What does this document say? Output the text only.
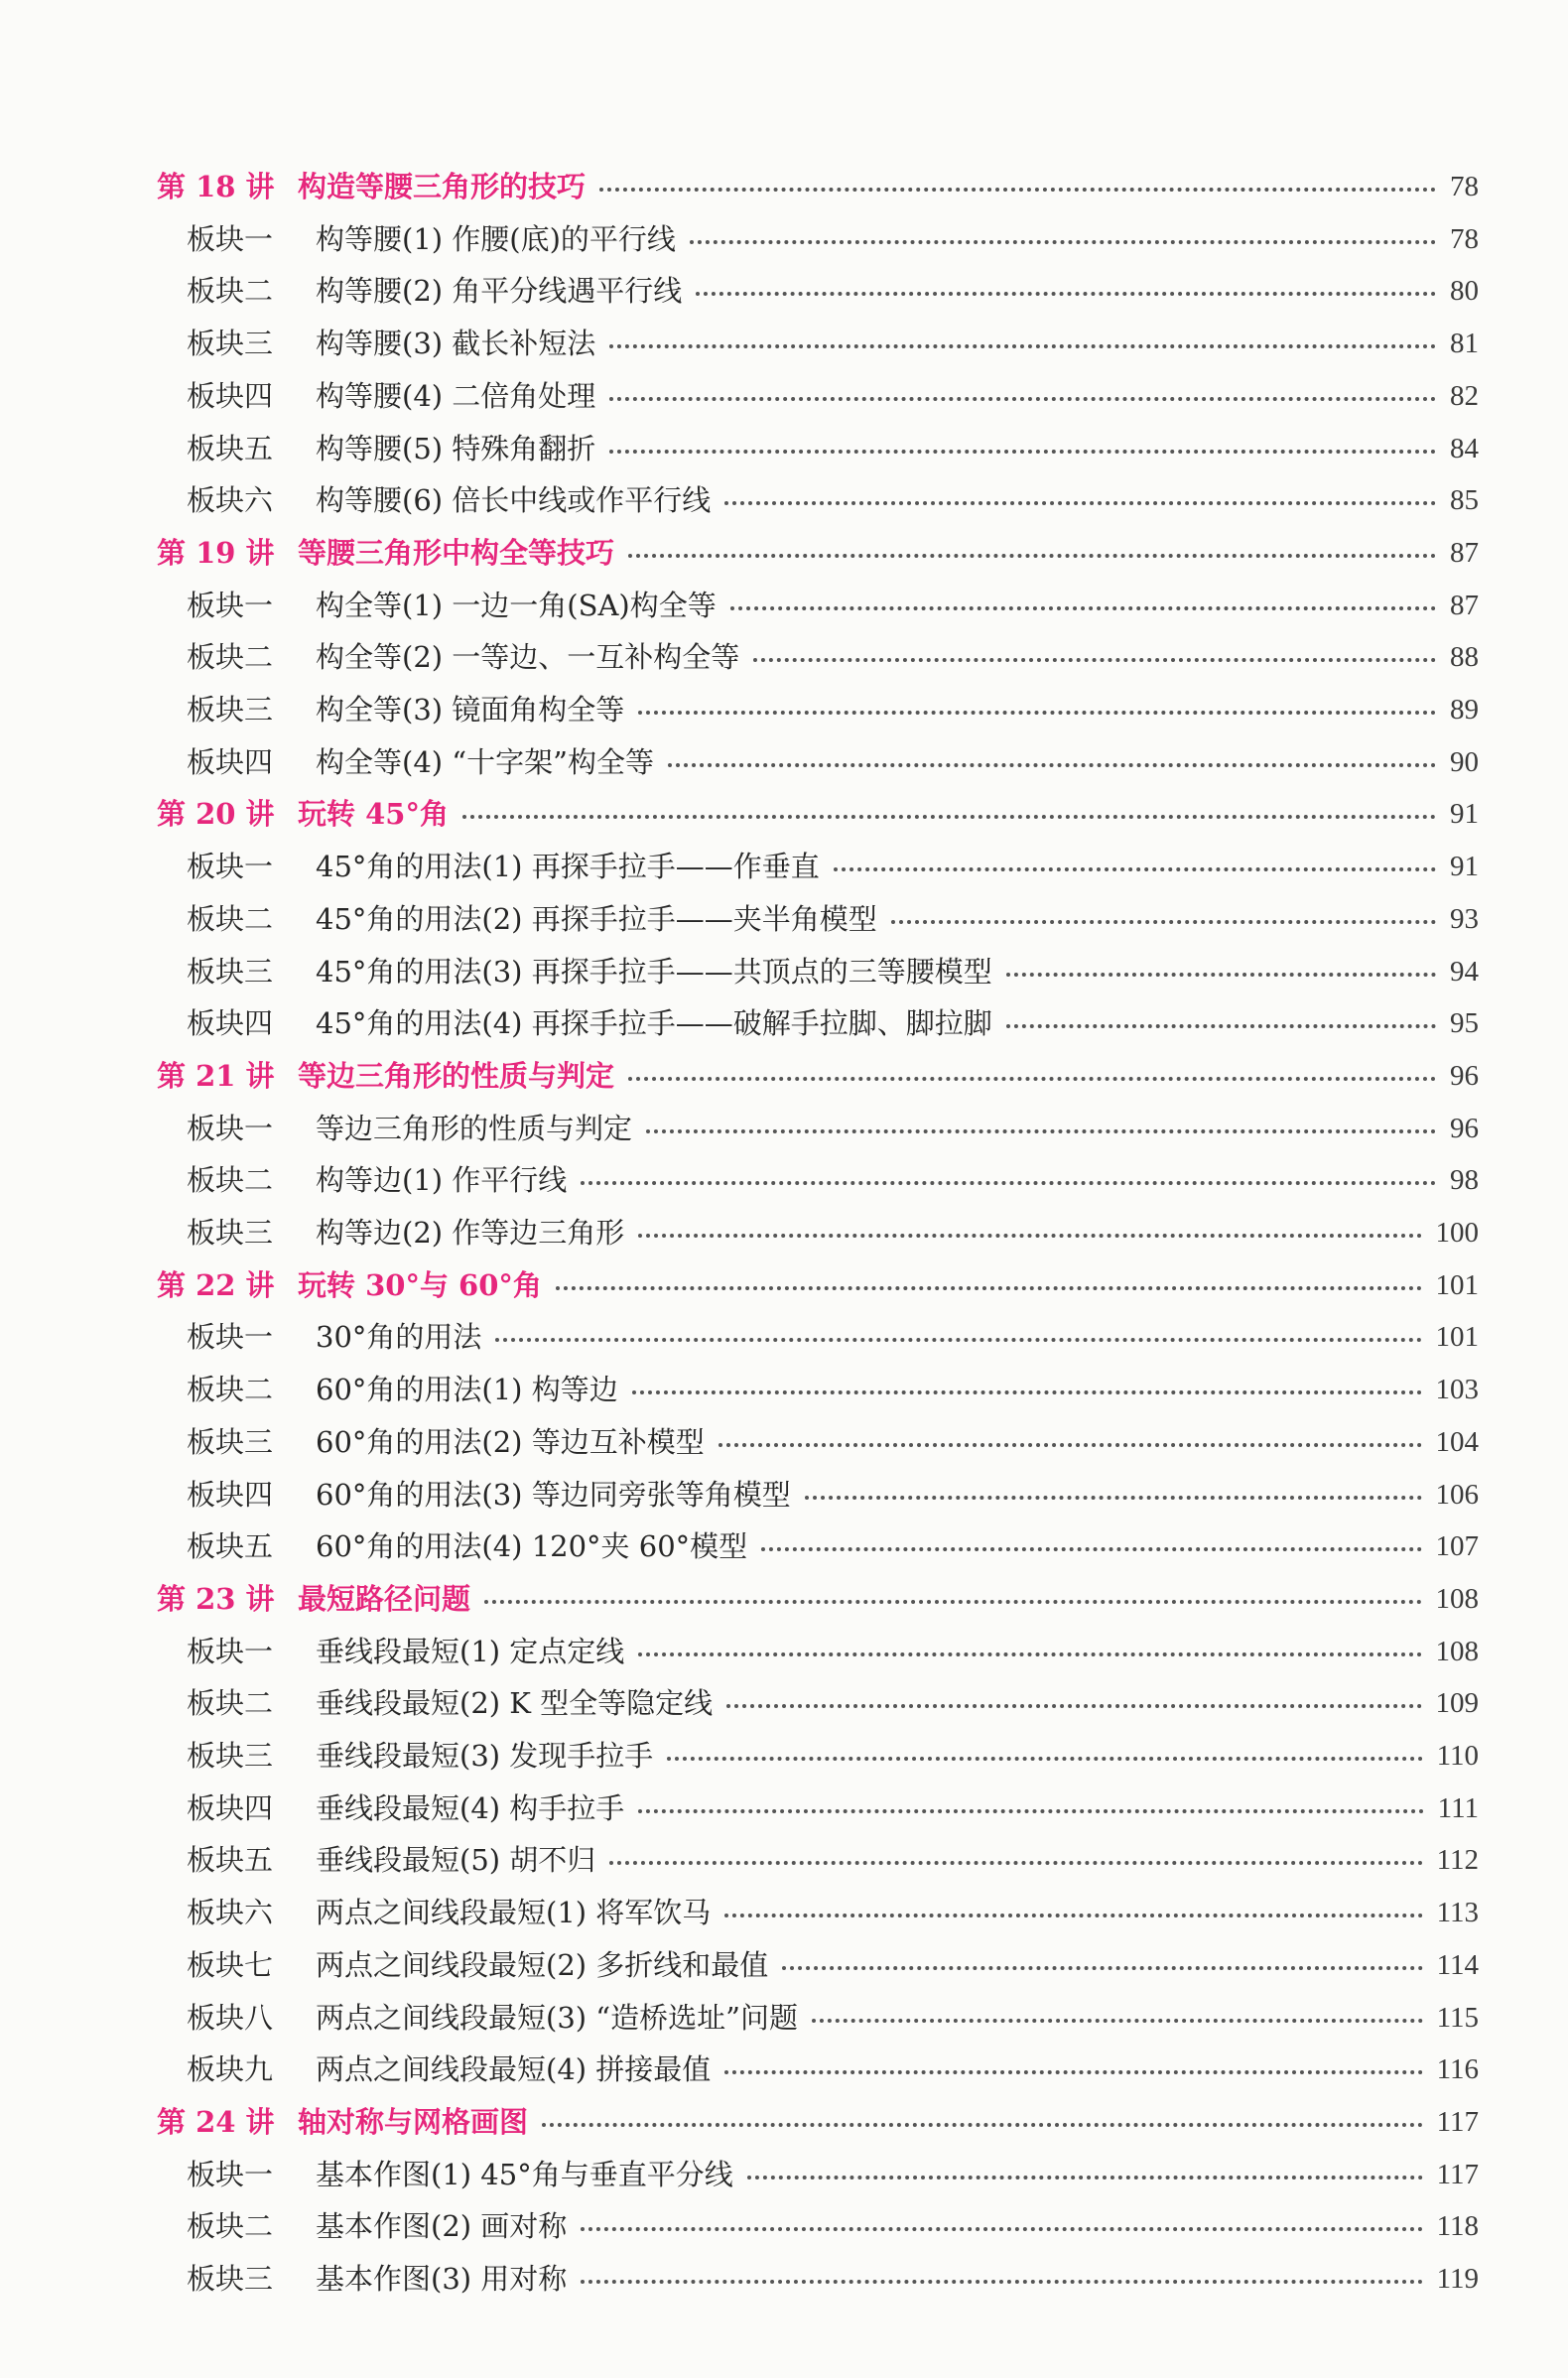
第 18 讲 构造等腰三角形的技巧	78
板块一 构等腰(1) 作腰(底)的平行线	78
板块二 构等腰(2) 角平分线遇平行线	80
板块三 构等腰(3) 截长补短法	81
板块四 构等腰(4) 二倍角处理	82
板块五 构等腰(5) 特殊角翻折	84
板块六 构等腰(6) 倍长中线或作平行线	85
第 19 讲 等腰三角形中构全等技巧	87
板块一 构全等(1) 一边一角(SA)构全等	87
板块二 构全等(2) 一等边、一互补构全等	88
板块三 构全等(3) 镜面角构全等	89
板块四 构全等(4) “十字架”构全等	90
第 20 讲 玩转 45°角	91
板块一 45°角的用法(1) 再探手拉手——作垂直	91
板块二 45°角的用法(2) 再探手拉手——夹半角模型	93
板块三 45°角的用法(3) 再探手拉手——共顶点的三等腰模型	94
板块四 45°角的用法(4) 再探手拉手——破解手拉脚、脚拉脚	95
第 21 讲 等边三角形的性质与判定	96
板块一 等边三角形的性质与判定	96
板块二 构等边(1) 作平行线	98
板块三 构等边(2) 作等边三角形	100
第 22 讲 玩转 30°与 60°角	101
板块一 30°角的用法	101
板块二 60°角的用法(1) 构等边	103
板块三 60°角的用法(2) 等边互补模型	104
板块四 60°角的用法(3) 等边同旁张等角模型	106
板块五 60°角的用法(4) 120°夹 60°模型	107
第 23 讲 最短路径问题	108
板块一 垂线段最短(1) 定点定线	108
板块二 垂线段最短(2) K 型全等隐定线	109
板块三 垂线段最短(3) 发现手拉手	110
板块四 垂线段最短(4) 构手拉手	111
板块五 垂线段最短(5) 胡不归	112
板块六 两点之间线段最短(1) 将军饮马	113
板块七 两点之间线段最短(2) 多折线和最值	114
板块八 两点之间线段最短(3) “造桥选址”问题	115
板块九 两点之间线段最短(4) 拼接最值	116
第 24 讲 轴对称与网格画图	117
板块一 基本作图(1) 45°角与垂直平分线	117
板块二 基本作图(2) 画对称	118
板块三 基本作图(3) 用对称	119
